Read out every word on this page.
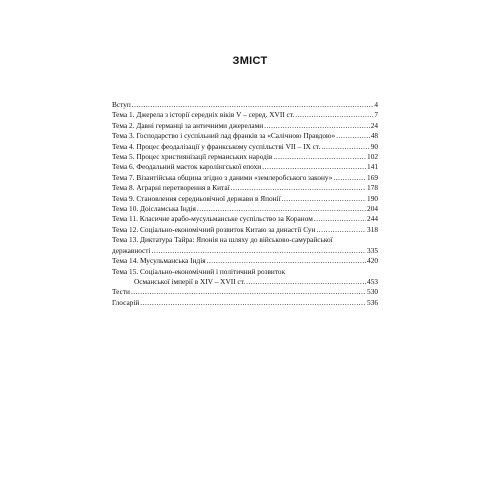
ЗМІСТ
Вступ .....	4
Тема 1. Джерела з історії середніх віків V – серед. XVII ст. .....	7
Тема 2. Давні германці за античними джерелами .....	24
Тема 3. Господарство і суспільний лад франків за «Салічною Правдою» .....	48
Тема 4. Процес феодалізації у франкському суспільстві VII – IX ст. .....	90
Тема 5. Процес християнізації германських народів .....	102
Тема 6. Феодальний маєток каролінгської епохи .....	141
Тема 7. Візантійська община згідно з даними «землеробського закону» .....	169
Тема 8. Аграрні перетворення в Китаї .....	178
Тема 9. Становлення середньовічної держави в Японії .....	190
Тема 10. Доісламська Індія .....	204
Тема 11. Класичне арабо-мусульманське суспільство за Кораном .....	244
Тема 12. Соціально-економічний розвиток Китаю за династії Сун .....	318
Тема 13. Диктатура Тайра: Японія на шляху до військово-самурайської
державності .....	335
Тема 14. Мусульманська Індія .....	420
Тема 15. Соціально-економічний і політичний розвиток
Османської імперії в XIV – XVII ст. .....	453
Тести .....	530
Глосарій .....	536
